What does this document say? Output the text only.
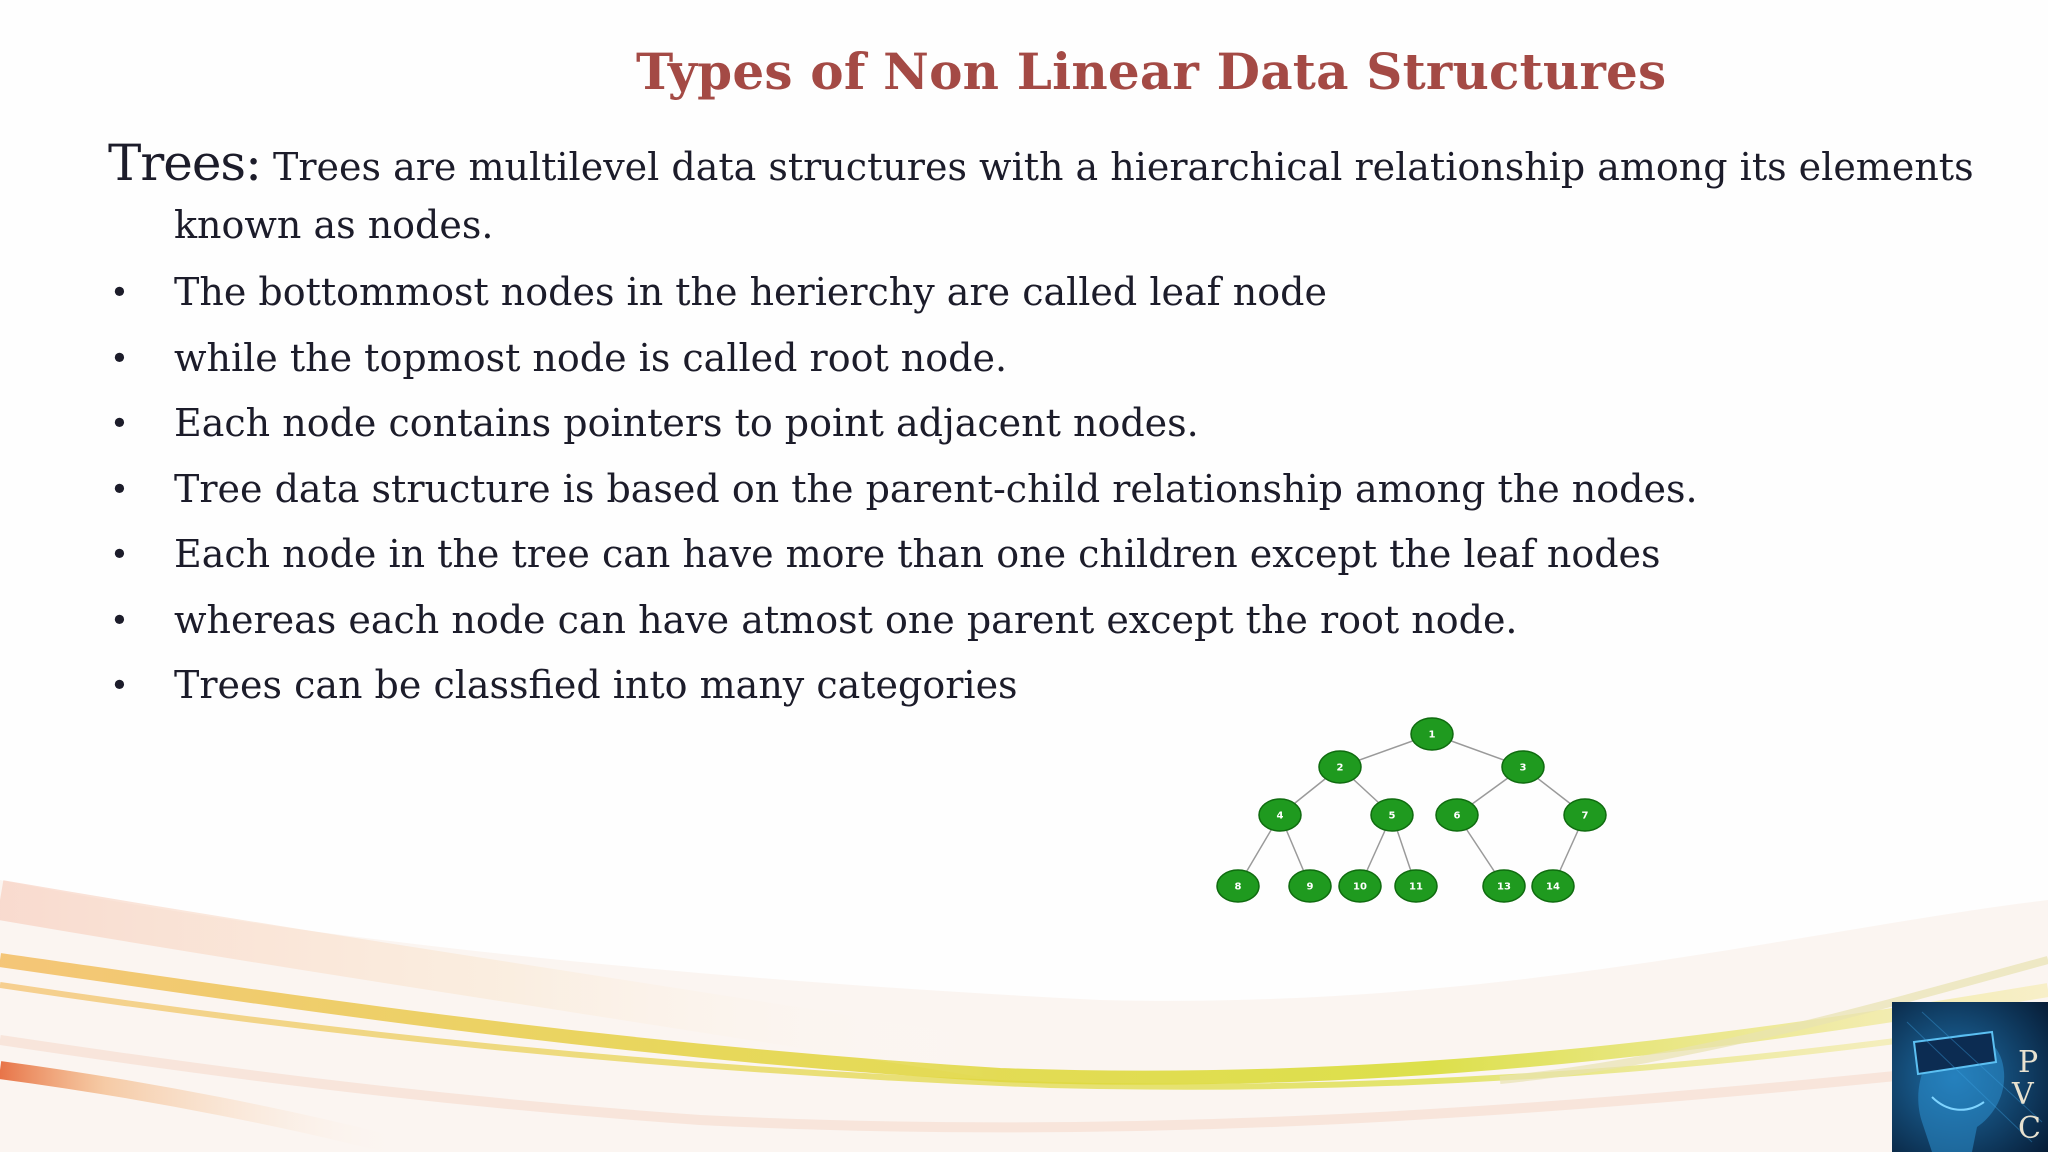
Types of Non Linear Data Structures
Trees: Trees are multilevel data structures with a hierarchical relationship among its elements
known as nodes.
• The bottommost nodes in the herierchy are called leaf node
• while the topmost node is called root node.
• Each node contains pointers to point adjacent nodes.
• Tree data structure is based on the parent-child relationship among the nodes.
• Each node in the tree can have more than one children except the leaf nodes
• whereas each node can have atmost one parent except the root node.
• Trees can be classfied into many categories
1
2	3
4	5	6	7
8	9	10	11	13	14
P
V
C
